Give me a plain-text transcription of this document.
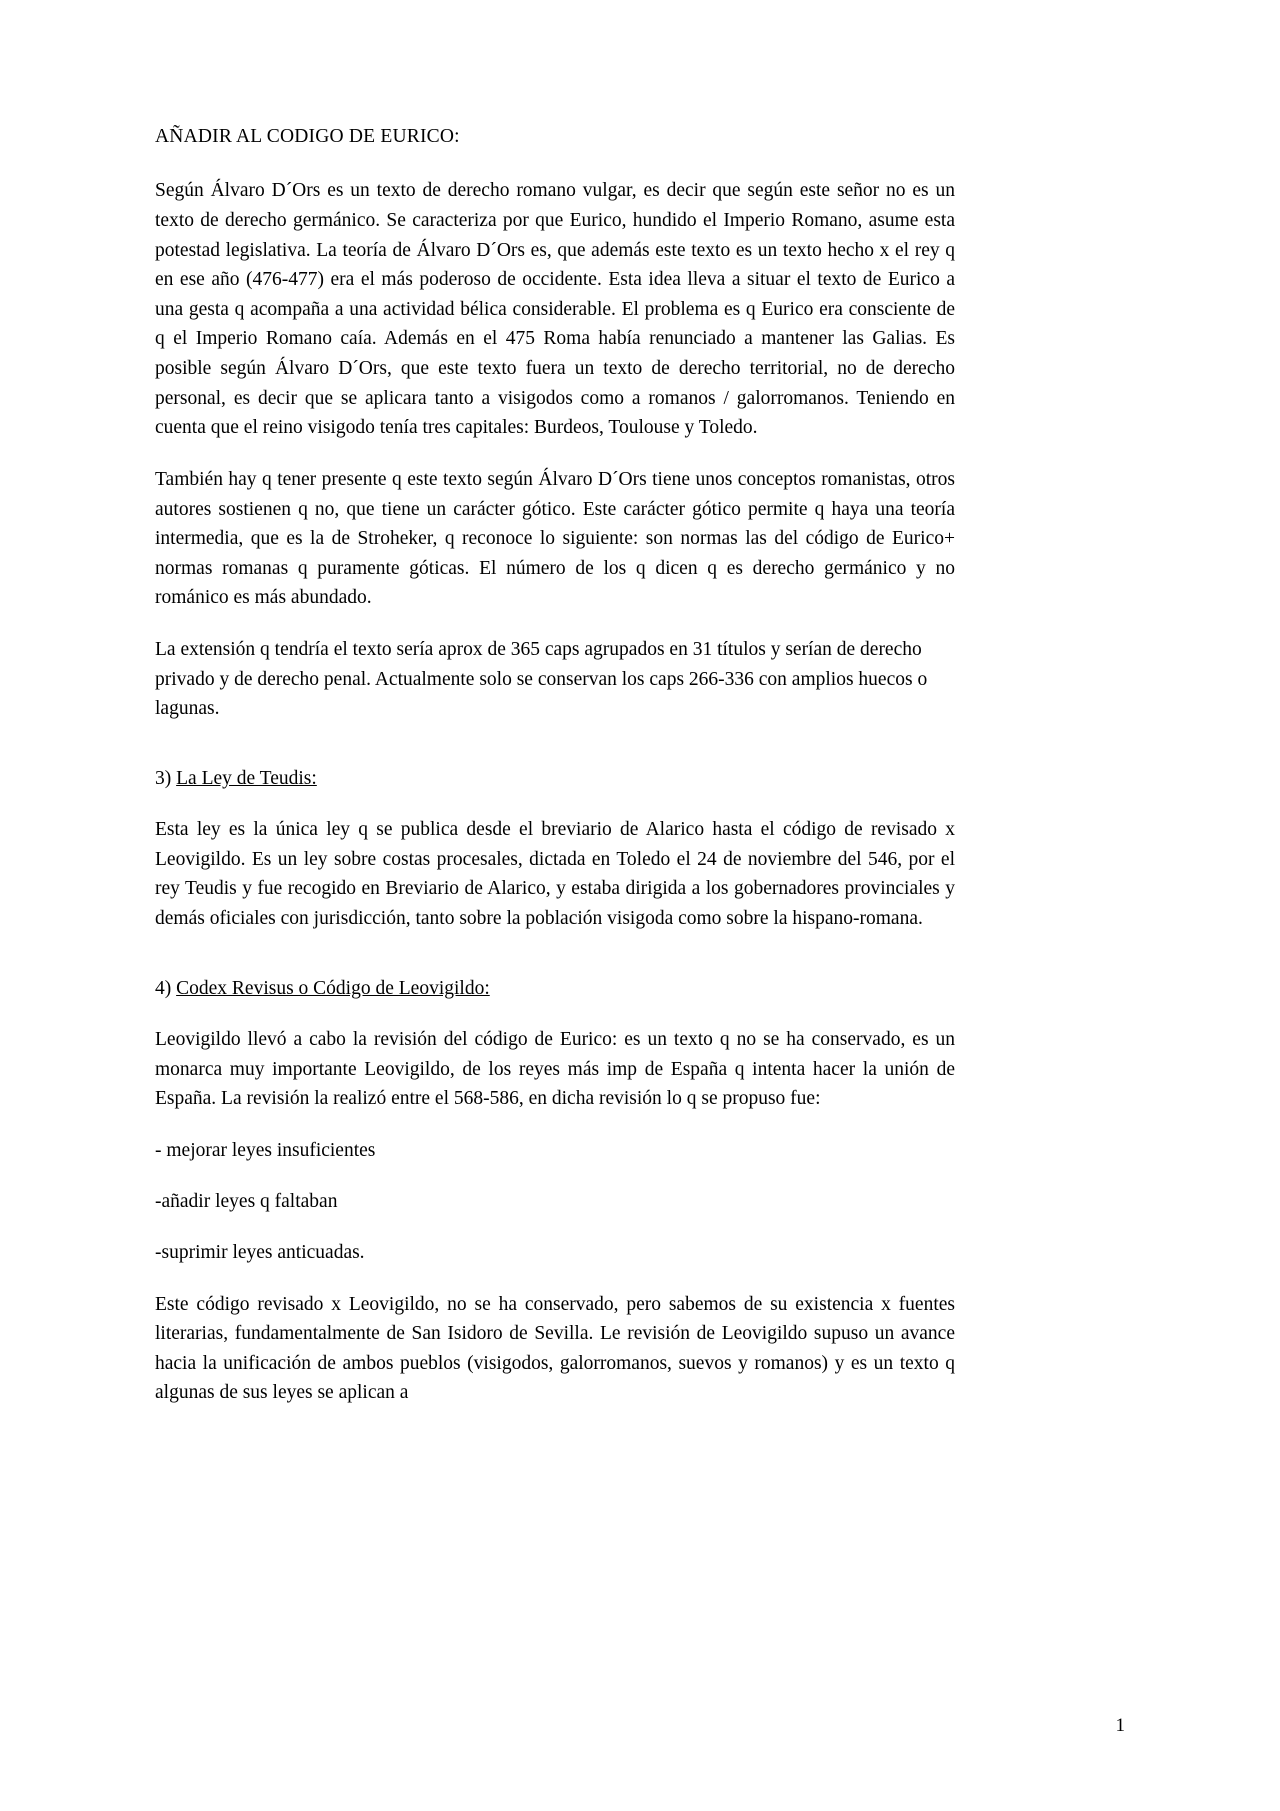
AÑADIR AL CODIGO DE EURICO:

Según Álvaro D´Ors es un texto de derecho romano vulgar, es decir que según este señor no es un texto de derecho germánico. Se caracteriza por que Eurico, hundido el Imperio Romano, asume esta potestad legislativa. La teoría de Álvaro D´Ors es, que además este texto es un texto hecho x el rey q en ese año (476-477) era el más poderoso de occidente. Esta idea lleva a situar el texto de Eurico a una gesta q acompaña a una actividad bélica considerable. El problema es q Eurico era consciente de q el Imperio Romano caía. Además en el 475 Roma había renunciado a mantener las Galias. Es posible según Álvaro D´Ors, que este texto fuera un texto de derecho territorial, no de derecho personal, es decir que se aplicara tanto a visigodos como a romanos / galorromanos. Teniendo en cuenta que el reino visigodo tenía tres capitales: Burdeos, Toulouse y Toledo.

También hay q tener presente q este texto según Álvaro D´Ors tiene unos conceptos romanistas, otros autores sostienen q no, que tiene un carácter gótico. Este carácter gótico permite q haya una teoría intermedia, que es la de Stroheker, q reconoce lo siguiente: son normas las del código de Eurico+ normas romanas q puramente góticas. El número de los q dicen q es derecho germánico y no románico es más abundado.

La extensión q tendría el texto sería aprox de 365 caps agrupados en 31 títulos y serían de derecho privado y de derecho penal. Actualmente solo se conservan los caps 266-336 con amplios huecos o lagunas.

3) La Ley de Teudis:

Esta ley es la única ley q se publica desde el breviario de Alarico hasta el código de revisado x Leovigildo. Es un ley sobre costas procesales, dictada en Toledo el 24 de noviembre del 546, por el rey Teudis y fue recogido en Breviario de Alarico, y estaba dirigida a los gobernadores provinciales y demás oficiales con jurisdicción, tanto sobre la población visigoda como sobre la hispano-romana.

4) Codex Revisus o Código de Leovigildo:

Leovigildo llevó a cabo la revisión del código de Eurico: es un texto q no se ha conservado, es un monarca muy importante Leovigildo, de los reyes más imp de España q intenta hacer la unión de España. La revisión la realizó entre el 568-586, en dicha revisión lo q se propuso fue:

- mejorar leyes insuficientes

-añadir leyes q faltaban

-suprimir leyes anticuadas.

Este código revisado x Leovigildo, no se ha conservado, pero sabemos de su existencia x fuentes literarias, fundamentalmente de San Isidoro de Sevilla. Le revisión de Leovigildo supuso un avance hacia la unificación de ambos pueblos (visigodos, galorromanos, suevos y romanos) y es un texto q algunas de sus leyes se aplican a

1
